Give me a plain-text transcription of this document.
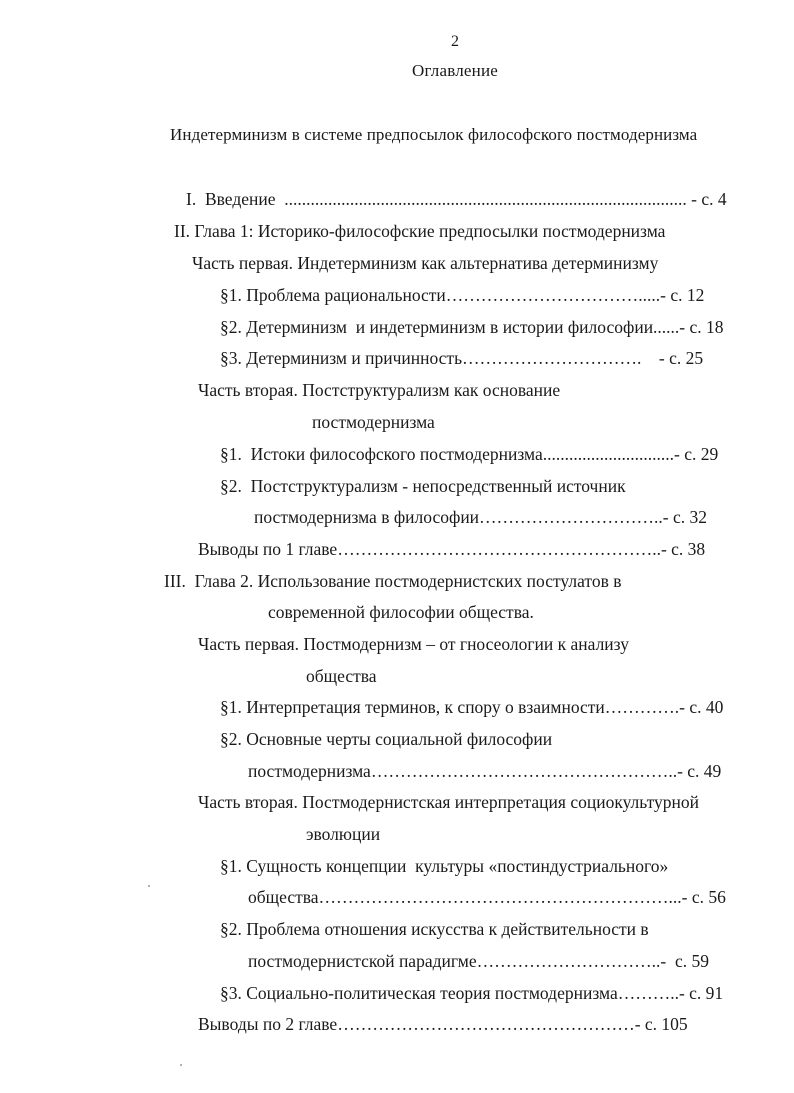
2
Оглавление
Индетерминизм в системе предпосылок философского постмодернизма
I.  Введение  ............................................................................................ - с. 4
II. Глава 1: Историко-философские предпосылки постмодернизма
Часть первая. Индетерминизм как альтернатива детерминизму
§1. Проблема рациональности…………………………….....- с. 12
§2. Детерминизм  и индетерминизм в истории философии......- с. 18
§3. Детерминизм и причинность………………………….    - с. 25
Часть вторая. Постструктурализм как основание
постмодернизма
§1.  Истоки философского постмодернизма..............................- с. 29
§2.  Постструктурализм - непосредственный источник
постмодернизма в философии…………………………..- с. 32
Выводы по 1 главе………………………………………………..- с. 38
III.  Глава 2. Использование постмодернистских постулатов в
современной философии общества.
Часть первая. Постмодернизм – от гносеологии к анализу
общества
§1. Интерпретация терминов, к спору о взаимности………….- с. 40
§2. Основные черты социальной философии
постмодернизма……………………………………………..- с. 49
Часть вторая. Постмодернистская интерпретация социокультурной
эволюции
§1. Сущность концепции  культуры «постиндустриального»
общества……………………………………………………...- с. 56
§2. Проблема отношения искусства к действительности в
постмодернистской парадигме…………………………..-  с. 59
§3. Социально-политическая теория постмодернизма………..- с. 91
Выводы по 2 главе……………………………………………- с. 105
